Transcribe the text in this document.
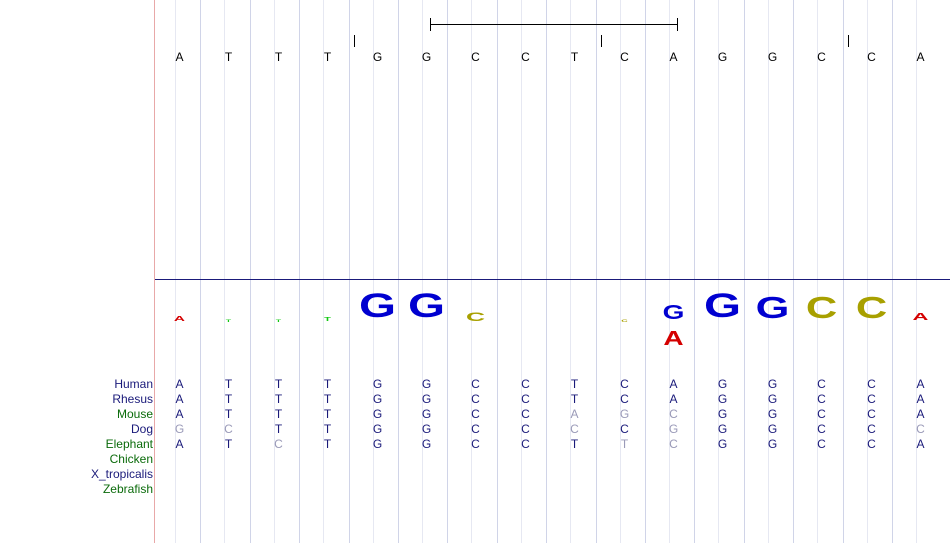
A	T	T	T	G	G	C	C	T	C	A	G	G	C	C	A
A	T	T	T G G	C	C	G
A
G G C C	A
Human	A	T	T	T	G	G	C	C	T	C	A	G	G	C	C	A
Rhesus	A	T	T	T	G	G	C	C	T	C	A	G	G	C	C	A
Mouse	A	T	T	T	G	G	C	C	A	G	C	G	G	C	C	A
Dog	G	C	T	T	G	G	C	C	C	C	G	G	G	C	C	C
Elephant	A	T	C	T	G	G	C	C	T	T	C	G	G	C	C	A
Chicken
X_tropicalis
Zebrafish
